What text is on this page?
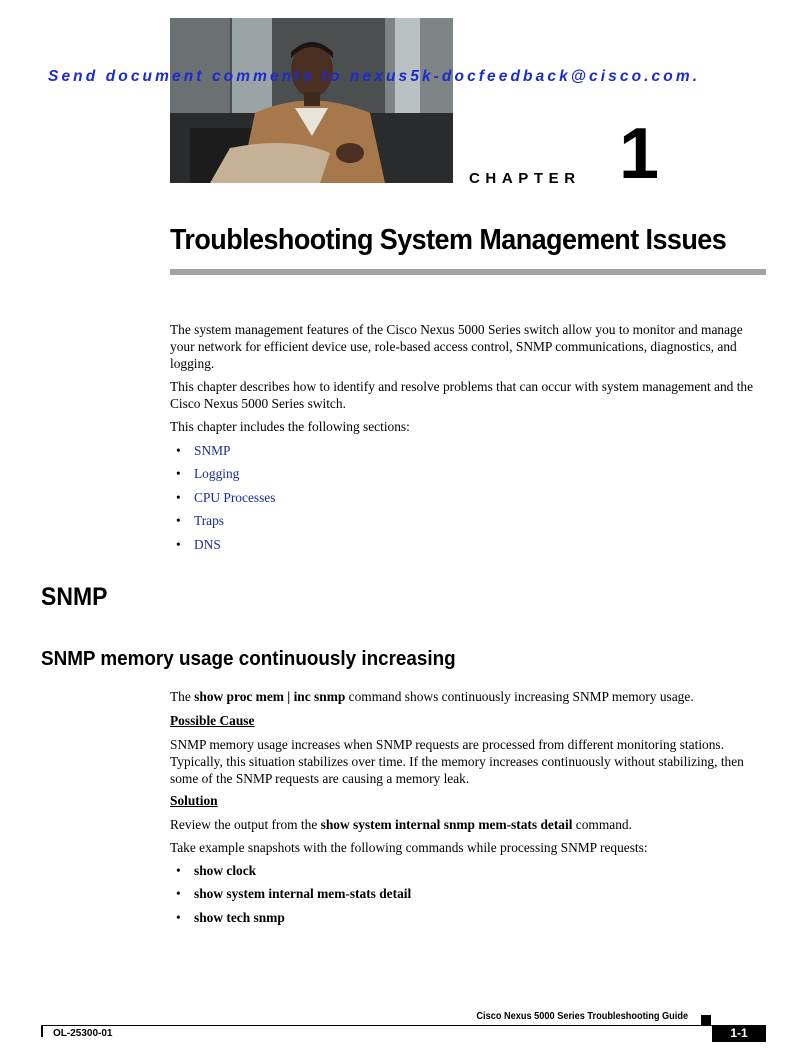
Send document comments to nexus5k-docfeedback@cisco.com.
CHAPTER 1
Troubleshooting System Management Issues

The system management features of the Cisco Nexus 5000 Series switch allow you to monitor and manage your network for efficient device use, role-based access control, SNMP communications, diagnostics, and logging.

This chapter describes how to identify and resolve problems that can occur with system management and the Cisco Nexus 5000 Series switch.

This chapter includes the following sections:

• SNMP
• Logging
• CPU Processes
• Traps
• DNS
SNMP
SNMP memory usage continuously increasing

The show proc mem | inc snmp command shows continuously increasing SNMP memory usage.

Possible Cause

SNMP memory usage increases when SNMP requests are processed from different monitoring stations. Typically, this situation stabilizes over time. If the memory increases continuously without stabilizing, then some of the SNMP requests are causing a memory leak.

Solution

Review the output from the show system internal snmp mem-stats detail command.

Take example snapshots with the following commands while processing SNMP requests:

• show clock
• show system internal mem-stats detail
• show tech snmp
Cisco Nexus 5000 Series Troubleshooting Guide
OL-25300-01	1-1
